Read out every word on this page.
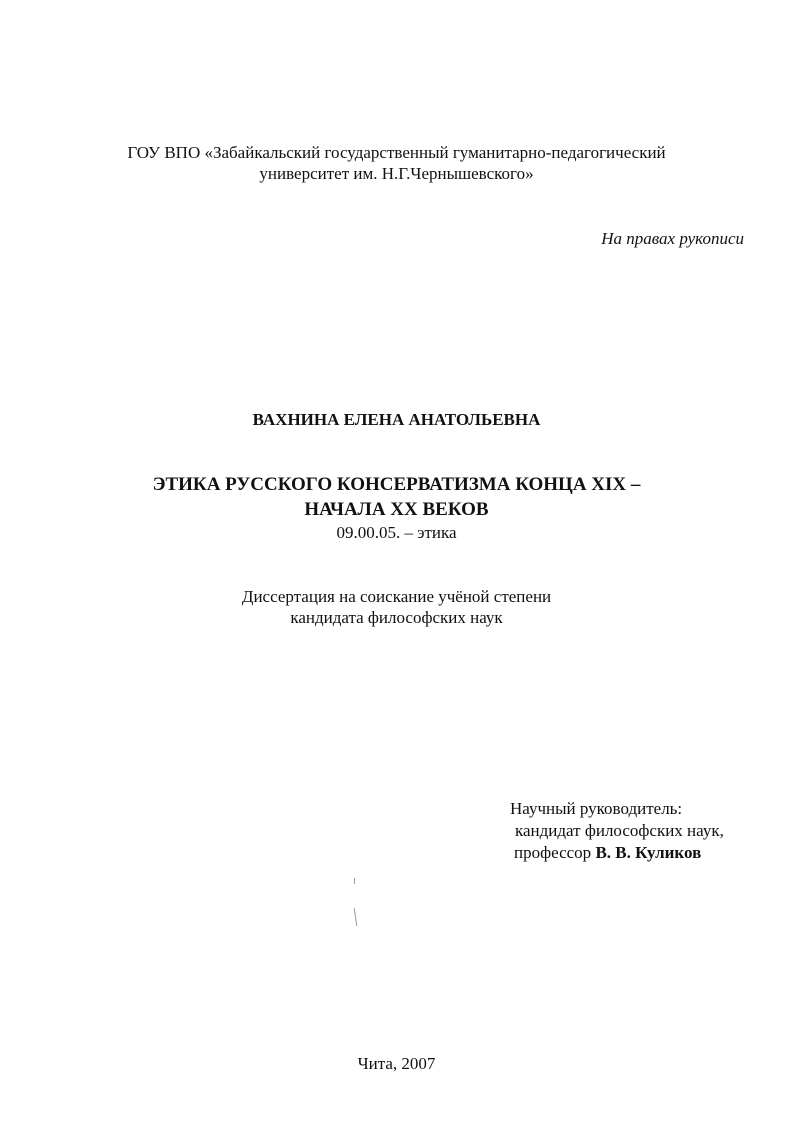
ГОУ ВПО «Забайкальский государственный гуманитарно-педагогический
университет им. Н.Г.Чернышевского»
На правах рукописи
ВАХНИНА ЕЛЕНА АНАТОЛЬЕВНА
ЭТИКА РУССКОГО КОНСЕРВАТИЗМА КОНЦА XIX –
НАЧАЛА XX ВЕКОВ
09.00.05. – этика
Диссертация на соискание учёной степени
кандидата философских наук
Научный руководитель:
кандидат философских наук,
профессор В. В. Куликов
Чита, 2007
